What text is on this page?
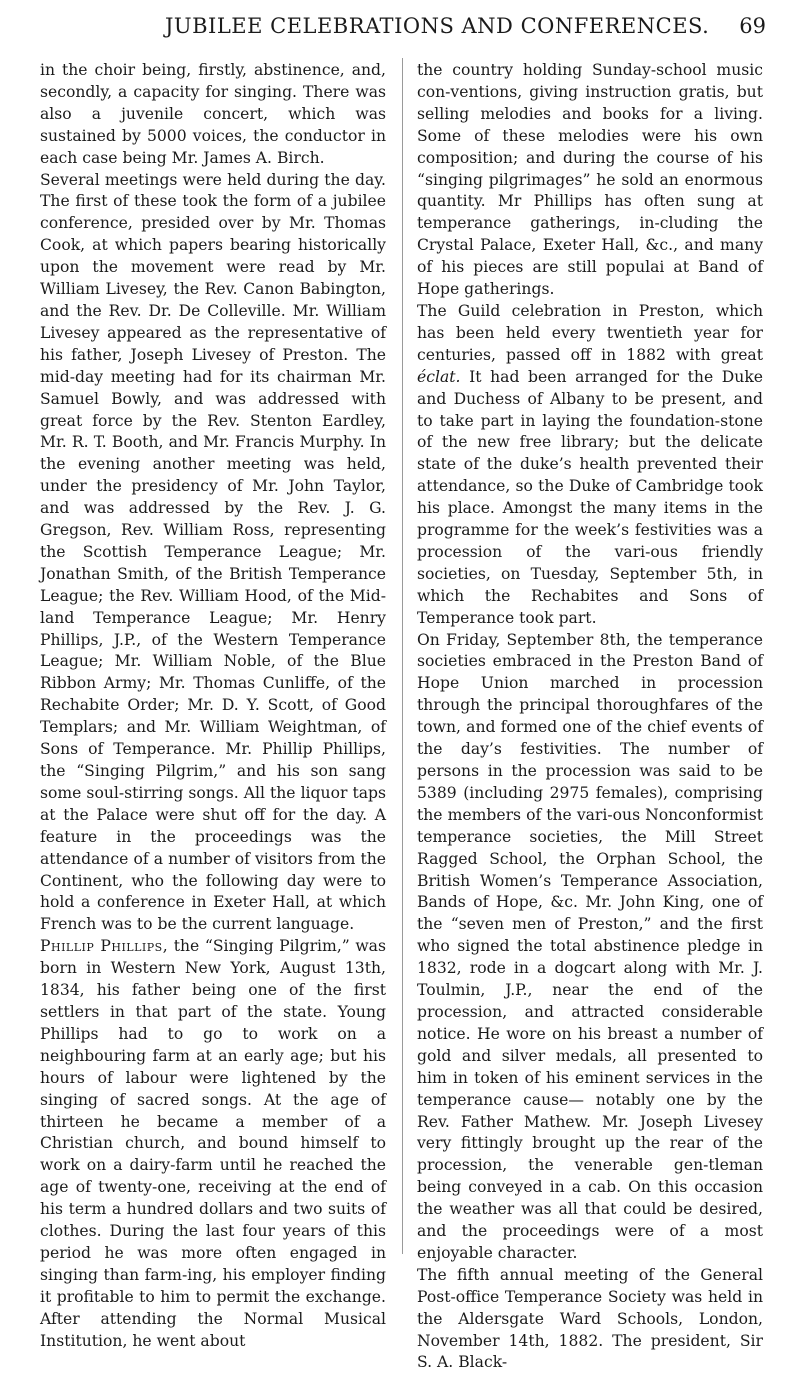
JUBILEE CELEBRATIONS AND CONFERENCES. 69

in the choir being, firstly, abstinence, and, secondly, a capacity for singing. There was also a juvenile concert, which was sustained by 5000 voices, the conductor in each case being Mr. James A. Birch.

Several meetings were held during the day. The first of these took the form of a jubilee conference, presided over by Mr. Thomas Cook, at which papers bearing historically upon the movement were read by Mr. William Livesey, the Rev. Canon Babington, and the Rev. Dr. De Colleville. Mr. William Livesey appeared as the representative of his father, Joseph Livesey of Preston. The mid-day meeting had for its chairman Mr. Samuel Bowly, and was addressed with great force by the Rev. Stenton Eardley, Mr. R. T. Booth, and Mr. Francis Murphy. In the evening another meeting was held, under the presidency of Mr. John Taylor, and was addressed by the Rev. J. G. Gregson, Rev. William Ross, representing the Scottish Temperance League; Mr. Jonathan Smith, of the British Temperance League; the Rev. William Hood, of the Mid-land Temperance League; Mr. Henry Phillips, J.P., of the Western Temperance League; Mr. William Noble, of the Blue Ribbon Army; Mr. Thomas Cunliffe, of the Rechabite Order; Mr. D. Y. Scott, of Good Templars; and Mr. William Weightman, of Sons of Temperance. Mr. Phillip Phillips, the “Singing Pilgrim,” and his son sang some soul-stirring songs. All the liquor taps at the Palace were shut off for the day. A feature in the proceedings was the attendance of a number of visitors from the Continent, who the following day were to hold a conference in Exeter Hall, at which French was to be the current language.

Phillip Phillips, the “Singing Pilgrim,” was born in Western New York, August 13th, 1834, his father being one of the first settlers in that part of the state. Young Phillips had to go to work on a neighbouring farm at an early age; but his hours of labour were lightened by the singing of sacred songs. At the age of thirteen he became a member of a Christian church, and bound himself to work on a dairy-farm until he reached the age of twenty-one, receiving at the end of his term a hundred dollars and two suits of clothes. During the last four years of this period he was more often engaged in singing than farm-ing, his employer finding it profitable to him to permit the exchange. After attending the Normal Musical Institution, he went about

the country holding Sunday-school music con-ventions, giving instruction gratis, but selling melodies and books for a living. Some of these melodies were his own composition; and during the course of his “singing pilgrimages” he sold an enormous quantity. Mr Phillips has often sung at temperance gatherings, in-cluding the Crystal Palace, Exeter Hall, &c., and many of his pieces are still populai at Band of Hope gatherings.

The Guild celebration in Preston, which has been held every twentieth year for centuries, passed off in 1882 with great éclat. It had been arranged for the Duke and Duchess of Albany to be present, and to take part in laying the foundation-stone of the new free library; but the delicate state of the duke’s health prevented their attendance, so the Duke of Cambridge took his place. Amongst the many items in the programme for the week’s festivities was a procession of the vari-ous friendly societies, on Tuesday, September 5th, in which the Rechabites and Sons of Temperance took part.

On Friday, September 8th, the temperance societies embraced in the Preston Band of Hope Union marched in procession through the principal thoroughfares of the town, and formed one of the chief events of the day’s festivities. The number of persons in the procession was said to be 5389 (including 2975 females), comprising the members of the vari-ous Nonconformist temperance societies, the Mill Street Ragged School, the Orphan School, the British Women’s Temperance Association, Bands of Hope, &c. Mr. John King, one of the “seven men of Preston,” and the first who signed the total abstinence pledge in 1832, rode in a dogcart along with Mr. J. Toulmin, J.P., near the end of the procession, and attracted considerable notice. He wore on his breast a number of gold and silver medals, all presented to him in token of his eminent services in the temperance cause— notably one by the Rev. Father Mathew. Mr. Joseph Livesey very fittingly brought up the rear of the procession, the venerable gen-tleman being conveyed in a cab. On this occasion the weather was all that could be desired, and the proceedings were of a most enjoyable character.

The fifth annual meeting of the General Post-office Temperance Society was held in the Aldersgate Ward Schools, London, November 14th, 1882. The president, Sir S. A. Black-
